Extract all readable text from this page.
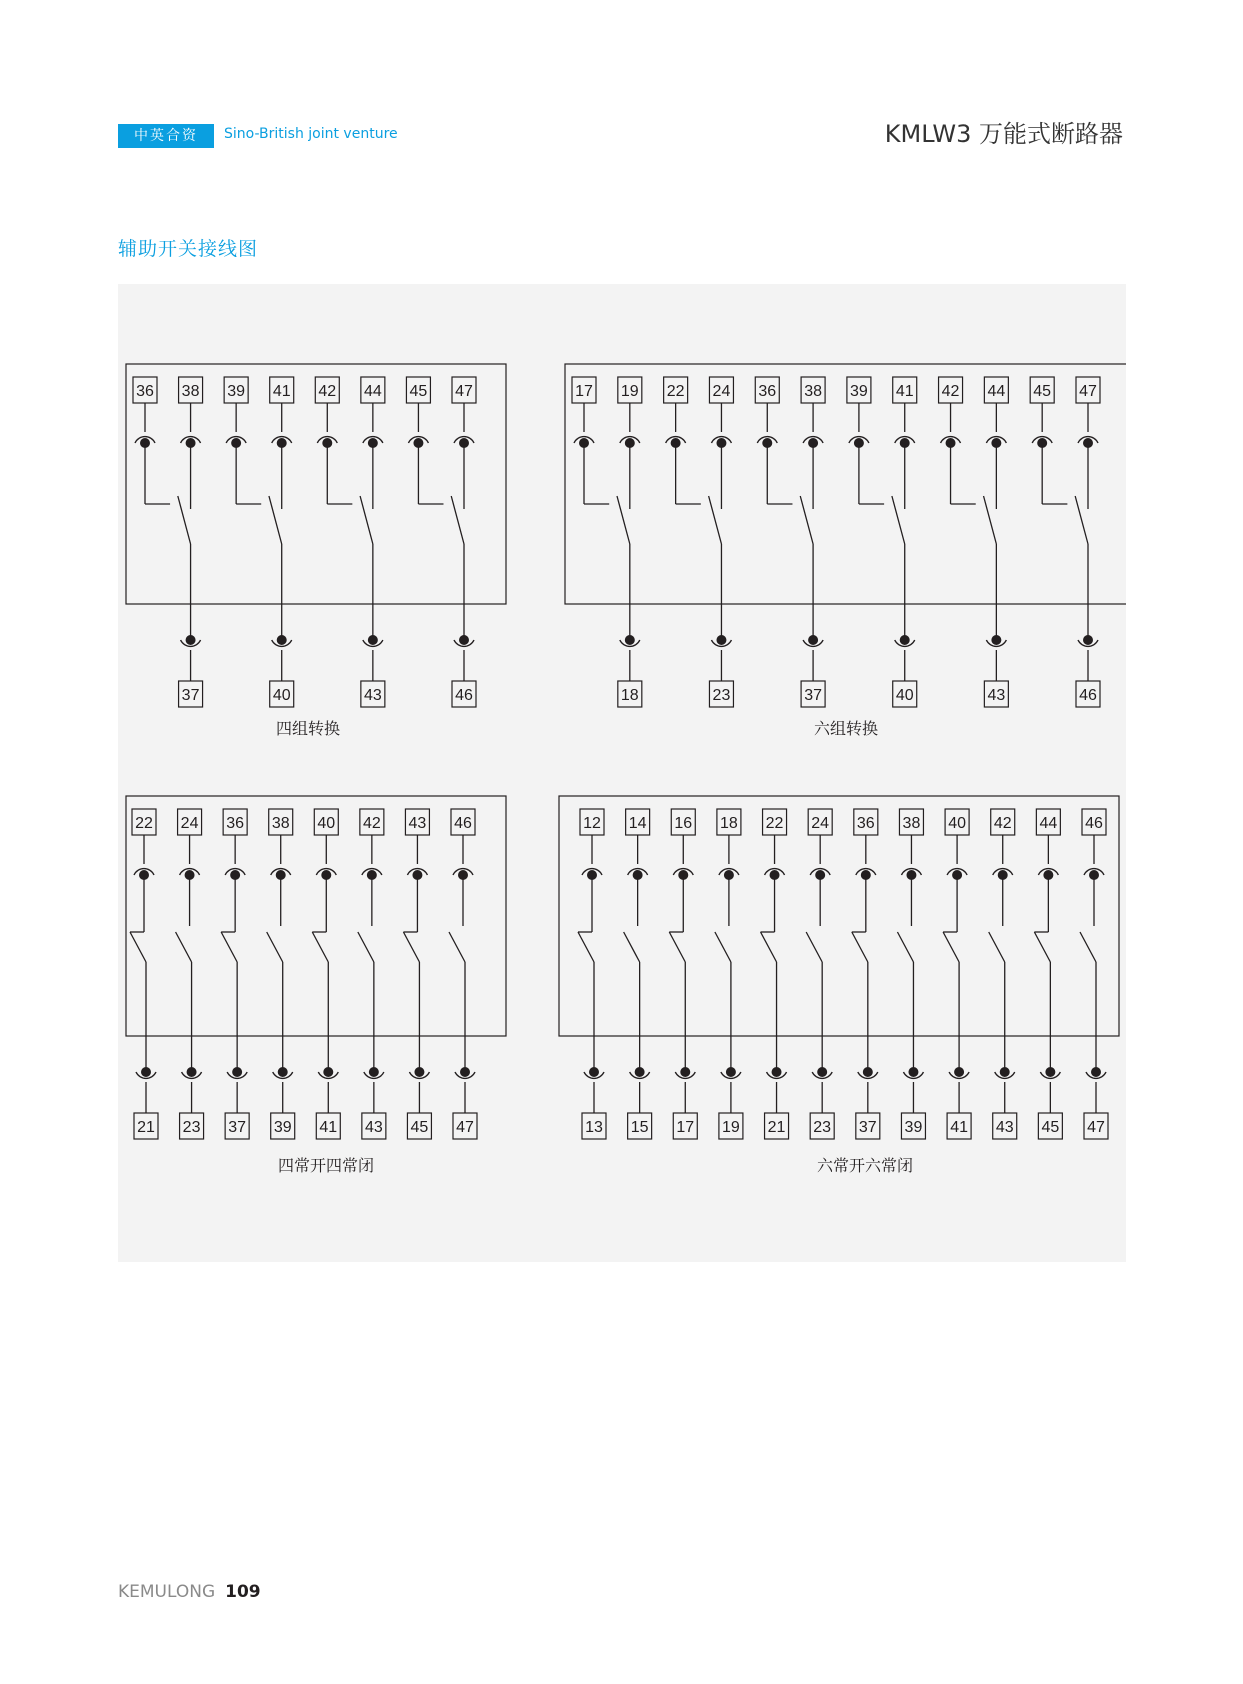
中英合资	Sino-British joint venture	KMLW3 万能式断路器
辅助开关接线图
36 38 39 41 42 44 45 47
37	40	43	46
四组转换
17 19 22 24 36 38 39 41 42 44 45 47
18	23	37	40	43	46
六组转换
22 24 36 38 40 42 43 46
21 23 37 39 41 43 45 47
四常开四常闭
12 14 16 18 22 24 36 38 40 42 44 46
13 15 17 19 21 23 37 39 41 43 45 47
六常开六常闭
KEMULONG 109
